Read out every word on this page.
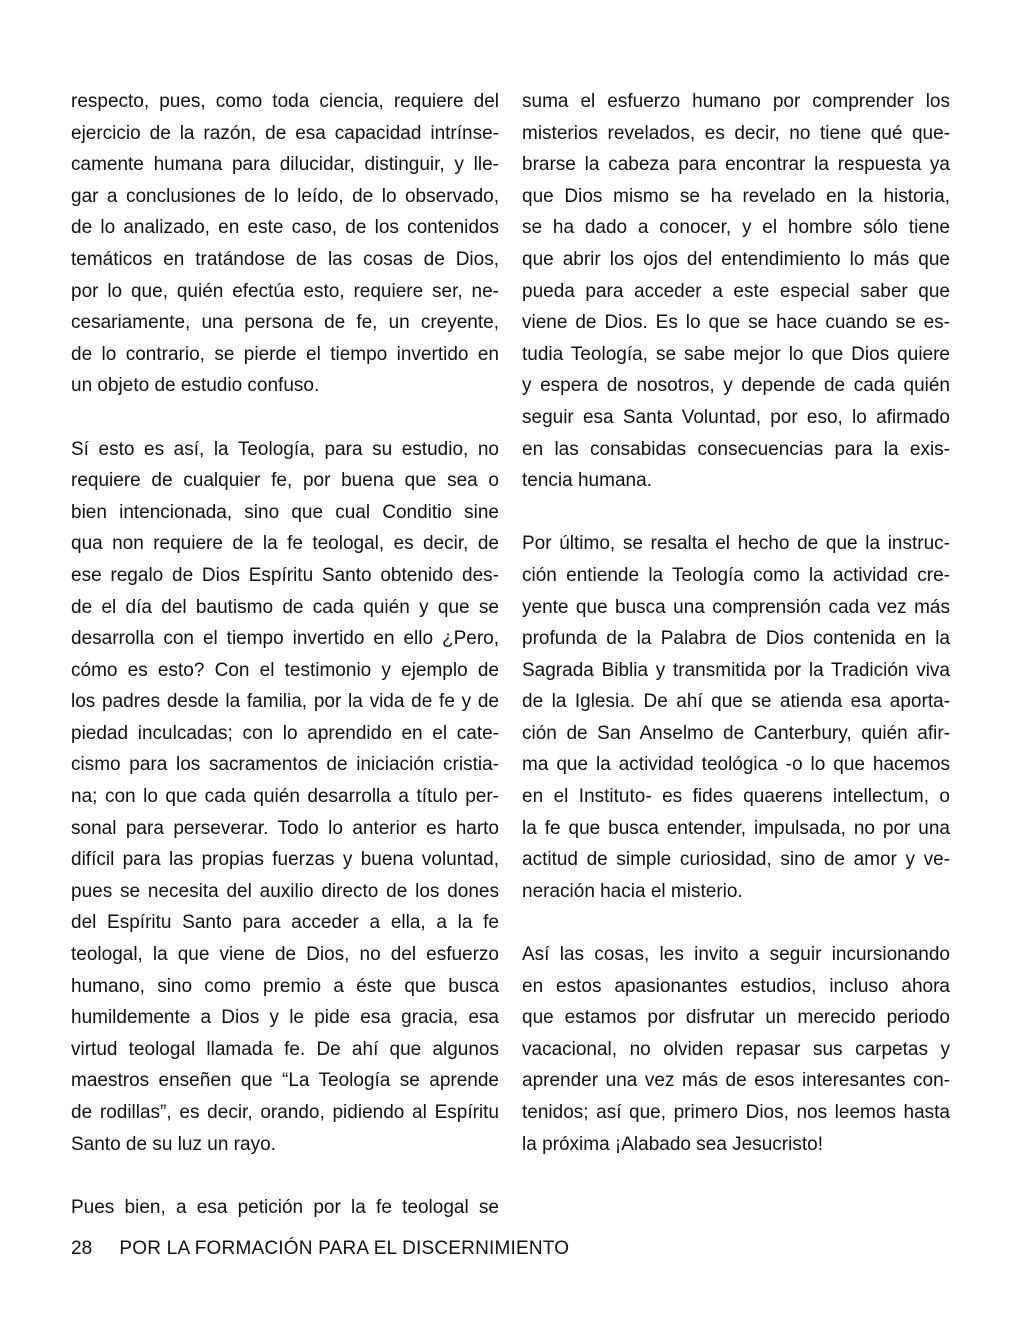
respecto, pues, como toda ciencia, requiere del
ejercicio de la razón, de esa capacidad intrínse-
camente humana para dilucidar, distinguir, y lle-
gar a conclusiones de lo leído, de lo observado,
de lo analizado, en este caso, de los contenidos
temáticos en tratándose de las cosas de Dios,
por lo que, quién efectúa esto, requiere ser, ne-
cesariamente, una persona de fe, un creyente,
de lo contrario, se pierde el tiempo invertido en
un objeto de estudio confuso.
Sí esto es así, la Teología, para su estudio, no
requiere de cualquier fe, por buena que sea o
bien intencionada, sino que cual Conditio sine
qua non requiere de la fe teologal, es decir, de
ese regalo de Dios Espíritu Santo obtenido des-
de el día del bautismo de cada quién y que se
desarrolla con el tiempo invertido en ello ¿Pero,
cómo es esto? Con el testimonio y ejemplo de
los padres desde la familia, por la vida de fe y de
piedad inculcadas; con lo aprendido en el cate-
cismo para los sacramentos de iniciación cristia-
na; con lo que cada quién desarrolla a título per-
sonal para perseverar. Todo lo anterior es harto
difícil para las propias fuerzas y buena voluntad,
pues se necesita del auxilio directo de los dones
del Espíritu Santo para acceder a ella, a la fe
teologal, la que viene de Dios, no del esfuerzo
humano, sino como premio a éste que busca
humildemente a Dios y le pide esa gracia, esa
virtud teologal llamada fe. De ahí que algunos
maestros enseñen que “La Teología se aprende
de rodillas”, es decir, orando, pidiendo al Espíritu
Santo de su luz un rayo.
Pues bien, a esa petición por la fe teologal se
suma el esfuerzo humano por comprender los
misterios revelados, es decir, no tiene qué que-
brarse la cabeza para encontrar la respuesta ya
que Dios mismo se ha revelado en la historia,
se ha dado a conocer, y el hombre sólo tiene
que abrir los ojos del entendimiento lo más que
pueda para acceder a este especial saber que
viene de Dios. Es lo que se hace cuando se es-
tudia Teología, se sabe mejor lo que Dios quiere
y espera de nosotros, y depende de cada quién
seguir esa Santa Voluntad, por eso, lo afirmado
en las consabidas consecuencias para la exis-
tencia humana.
Por último, se resalta el hecho de que la instruc-
ción entiende la Teología como la actividad cre-
yente que busca una comprensión cada vez más
profunda de la Palabra de Dios contenida en la
Sagrada Biblia y transmitida por la Tradición viva
de la Iglesia. De ahí que se atienda esa aporta-
ción de San Anselmo de Canterbury, quién afir-
ma que la actividad teológica -o lo que hacemos
en el Instituto- es fides quaerens intellectum, o
la fe que busca entender, impulsada, no por una
actitud de simple curiosidad, sino de amor y ve-
neración hacia el misterio.
Así las cosas, les invito a seguir incursionando
en estos apasionantes estudios, incluso ahora
que estamos por disfrutar un merecido periodo
vacacional, no olviden repasar sus carpetas y
aprender una vez más de esos interesantes con-
tenidos; así que, primero Dios, nos leemos hasta
la próxima ¡Alabado sea Jesucristo!
28 POR LA FORMACIÓN PARA EL DISCERNIMIENTO
